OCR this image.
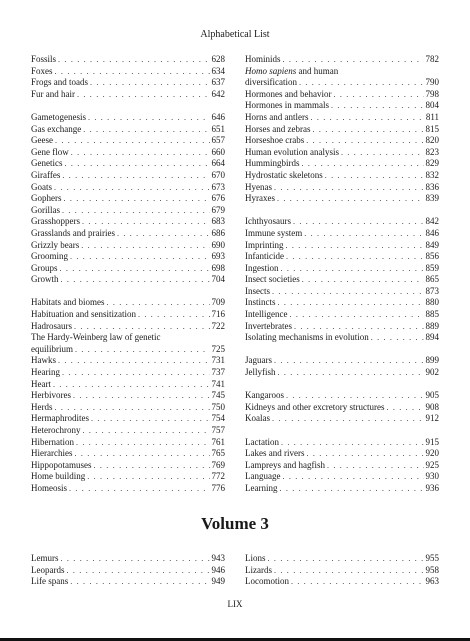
Alphabetical List
Fossils . . .	628
Foxes . . .	634
Frogs and toads . . .	637
Fur and hair . . .	642
Gametogenesis . . .	646
Gas exchange . . .	651
Geese . . .	657
Gene flow . . .	660
Genetics . . .	664
Giraffes . . .	670
Goats . . .	673
Gophers . . .	676
Gorillas . . .	679
Grasshoppers . . .	683
Grasslands and prairies . . .	686
Grizzly bears . . .	690
Grooming . . .	693
Groups . . .	698
Growth . . .	704
Habitats and biomes . . .	709
Habituation and sensitization . . .	716
Hadrosaurs . . .	722
The Hardy-Weinberg law of genetic
equilibrium . . .	725
Hawks . . .	731
Hearing . . .	737
Heart . . .	741
Herbivores . . .	745
Herds . . .	750
Hermaphrodites . . .	754
Heterochrony . . .	757
Hibernation . . .	761
Hierarchies . . .	765
Hippopotamuses . . .	769
Home building . . .	772
Homeosis . . .	776
Hominids . . .	782
Homo sapiens and human
diversification . . .	790
Hormones and behavior . . .	798
Hormones in mammals . . .	804
Horns and antlers . . .	811
Horses and zebras . . .	815
Horseshoe crabs . . .	820
Human evolution analysis . . .	823
Hummingbirds . . .	829
Hydrostatic skeletons . . .	832
Hyenas . . .	836
Hyraxes . . .	839
Ichthyosaurs . . .	842
Immune system . . .	846
Imprinting . . .	849
Infanticide . . .	856
Ingestion . . .	859
Insect societies . . .	865
Insects . . .	873
Instincts . . .	880
Intelligence . . .	885
Invertebrates . . .	889
Isolating mechanisms in evolution . . .	894
Jaguars . . .	899
Jellyfish . . .	902
Kangaroos . . .	905
Kidneys and other excretory structures . . .	908
Koalas . . .	912
Lactation . . .	915
Lakes and rivers . . .	920
Lampreys and hagfish . . .	925
Language . . .	930
Learning . . .	936
Volume 3
Lemurs . . .	943
Leopards . . .	946
Life spans . . .	949
Lions . . .	955
Lizards . . .	958
Locomotion . . .	963
LIX
